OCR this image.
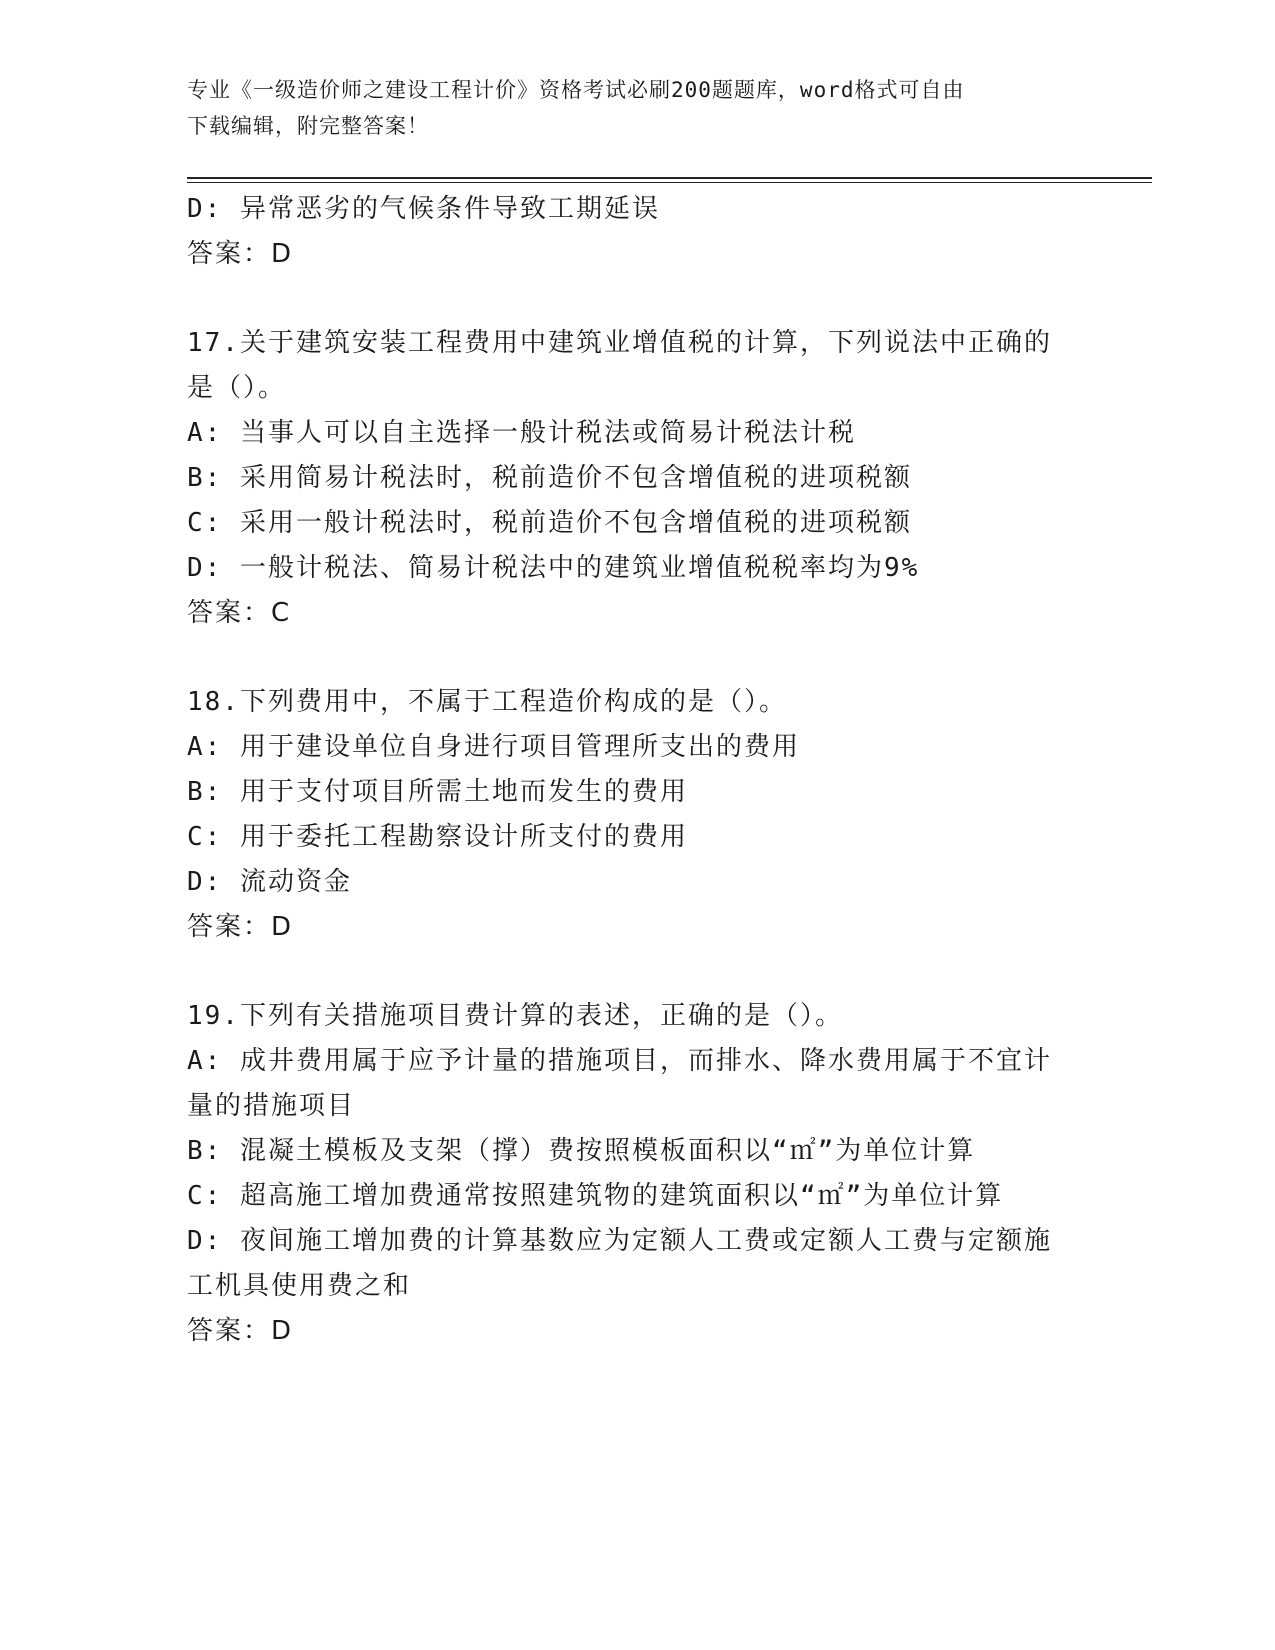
专业《一级造价师之建设工程计价》资格考试必刷200题题库，word格式可自由
下载编辑，附完整答案！
D: 异常恶劣的气候条件导致工期延误
答案：D
17.关于建筑安装工程费用中建筑业增值税的计算，下列说法中正确的
是（）。
A: 当事人可以自主选择一般计税法或简易计税法计税
B: 采用简易计税法时，税前造价不包含增值税的进项税额
C: 采用一般计税法时，税前造价不包含增值税的进项税额
D: 一般计税法、简易计税法中的建筑业增值税税率均为9%
答案：C
18.下列费用中，不属于工程造价构成的是（）。
A: 用于建设单位自身进行项目管理所支出的费用
B: 用于支付项目所需土地而发生的费用
C: 用于委托工程勘察设计所支付的费用
D: 流动资金
答案：D
19.下列有关措施项目费计算的表述，正确的是（）。
A: 成井费用属于应予计量的措施项目，而排水、降水费用属于不宜计
量的措施项目
B: 混凝土模板及支架（撑）费按照模板面积以“㎡”为单位计算
C: 超高施工增加费通常按照建筑物的建筑面积以“㎡”为单位计算
D: 夜间施工增加费的计算基数应为定额人工费或定额人工费与定额施
工机具使用费之和
答案：D
